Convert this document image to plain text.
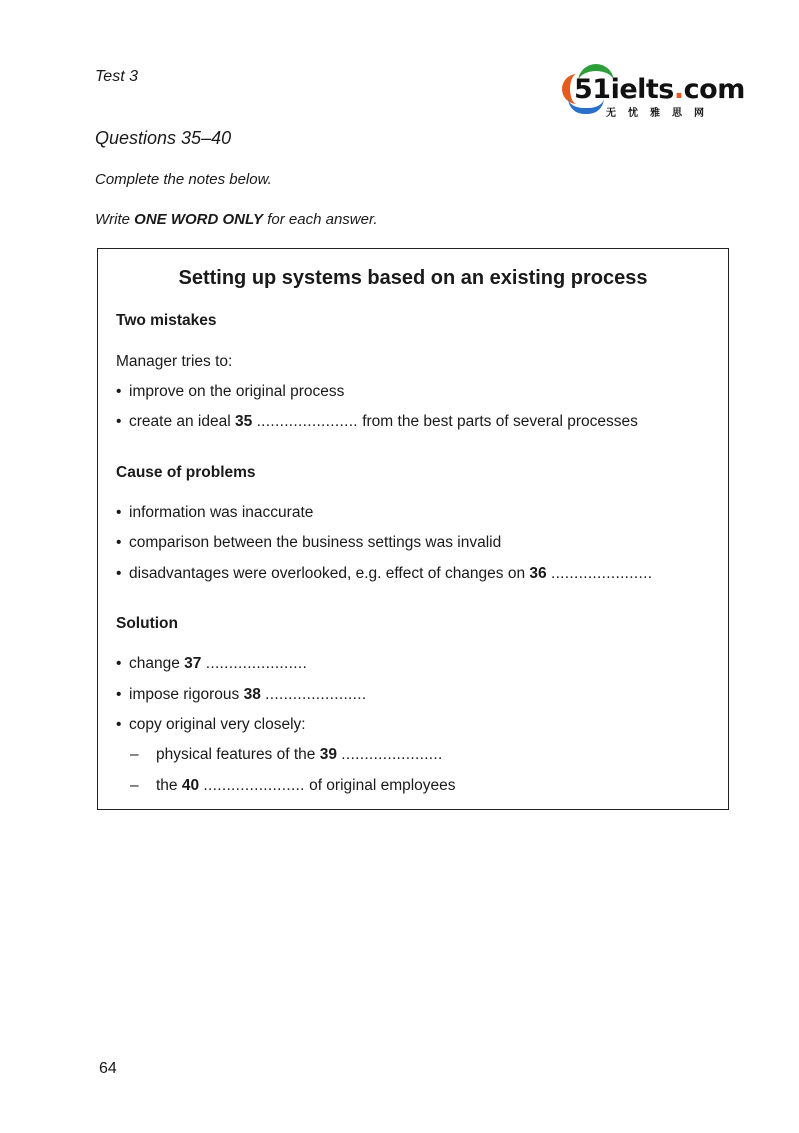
Test 3	51ielts.com
无忧雅思网
Questions 35–40
Complete the notes below.
Write ONE WORD ONLY for each answer.
Setting up systems based on an existing process
Two mistakes
Manager tries to:
• improve on the original process
• create an ideal 35 ...................... from the best parts of several processes
Cause of problems
• information was inaccurate
• comparison between the business settings was invalid
• disadvantages were overlooked, e.g. effect of changes on 36 ......................
Solution
• change 37 ......................
• impose rigorous 38 ......................
• copy original very closely:
– physical features of the 39 ......................
– the 40 ...................... of original employees
64
